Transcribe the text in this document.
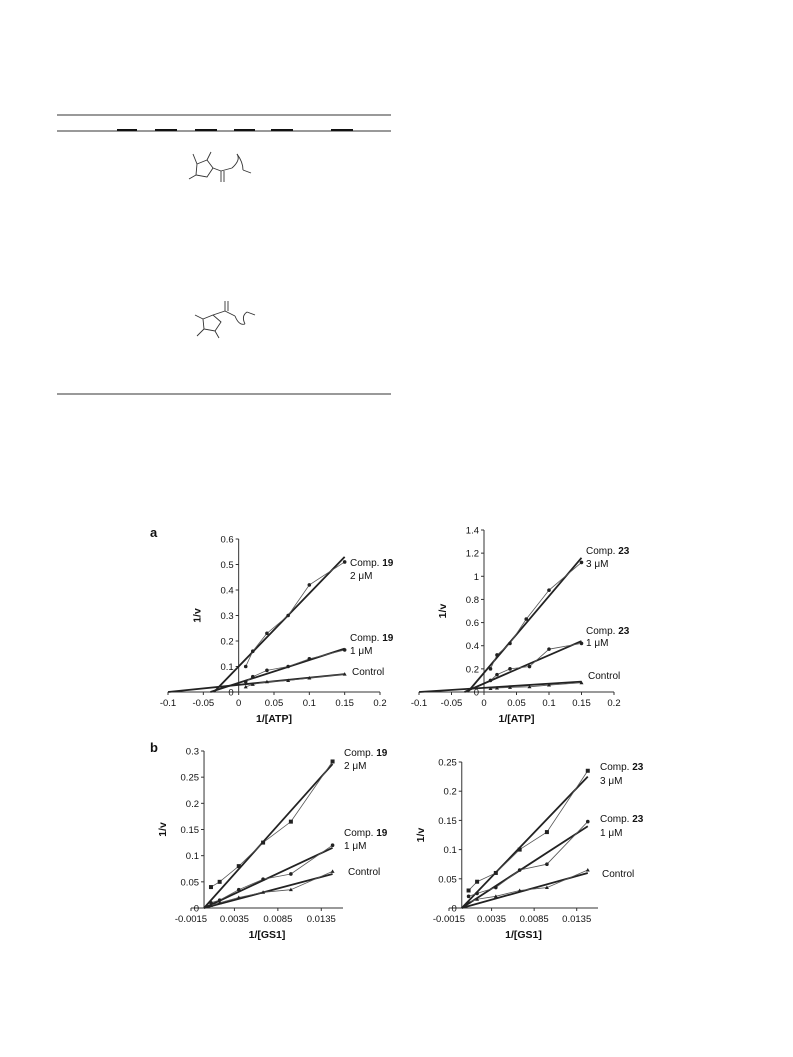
a
b
-0.1 -0.05 0 0.05 0.1 0.15 0.2
0
0.1
0.2
0.3
0.4
0.5
0.6
1/[ATP]
1/v
-0.1 -0.05 0 0.05 0.1 0.15 0.2
0
0.2
0.4
0.6
0.8
1
1.2
1.4
1/[ATP]
1/v
-0.0015 0.0035 0.0085 0.0135
0
0.05
0.1
0.15
0.2
0.25
0.3
1/[GS1]
1/v
-0.0015 0.0035 0.0085 0.0135
0
0.05
0.1
0.15
0.2
0.25
1/[GS1]
1/v
Comp. 19
2 μM
Comp. 19
1 μM
Control
Comp. 23
3 μM
Comp. 23
1 μM
Control
Comp. 19
2 μM
Comp. 19
1 μM
Control
Comp. 23
3 μM
Comp. 23
1 μM
Control
